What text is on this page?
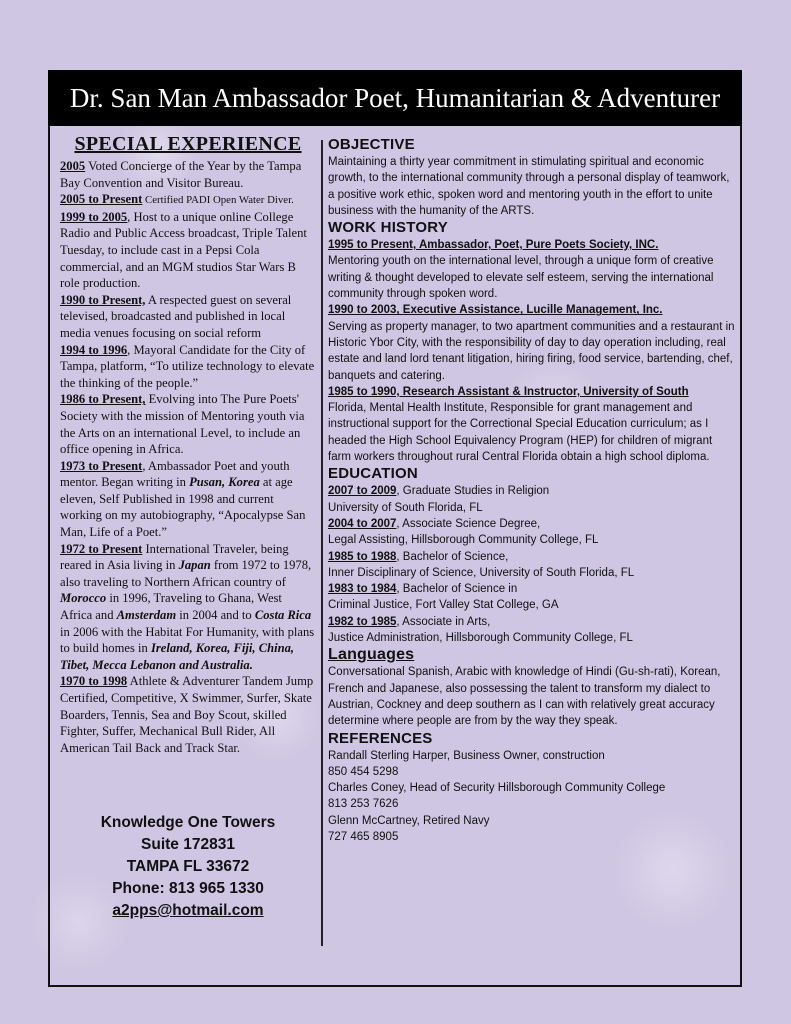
Dr. San Man Ambassador Poet, Humanitarian & Adventurer
SPECIAL EXPERIENCE

2005 Voted Concierge of the Year by the Tampa Bay Convention and Visitor Bureau.

2005 to Present Certified PADI Open Water Diver.

1999 to 2005, Host to a unique online College Radio and Public Access broadcast, Triple Talent Tuesday, to include cast in a Pepsi Cola commercial, and an MGM studios Star Wars B role production.

1990 to Present, A respected guest on several televised, broadcasted and published in local media venues focusing on social reform

1994 to 1996, Mayoral Candidate for the City of Tampa, platform, “To utilize technology to elevate the thinking of the people.”

1986 to Present, Evolving into The Pure Poets' Society with the mission of Mentoring youth via the Arts on an international Level, to include an office opening in Africa.

1973 to Present, Ambassador Poet and youth mentor. Began writing in Pusan, Korea at age eleven, Self Published in 1998 and current working on my autobiography, “Apocalypse San Man, Life of a Poet.”

1972 to Present International Traveler, being reared in Asia living in Japan from 1972 to 1978, also traveling to Northern African country of Morocco in 1996, Traveling to Ghana, West Africa and Amsterdam in 2004 and to Costa Rica in 2006 with the Habitat For Humanity, with plans to build homes in Ireland, Korea, Fiji, China, Tibet, Mecca Lebanon and Australia.

1970 to 1998 Athlete & Adventurer Tandem Jump Certified, Competitive, X Swimmer, Surfer, Skate Boarders, Tennis, Sea and Boy Scout, skilled Fighter, Suffer, Mechanical Bull Rider, All American Tail Back and Track Star.

Knowledge One Towers
Suite 172831
TAMPA FL 33672
Phone: 813 965 1330
a2pps@hotmail.com
OBJECTIVE

Maintaining a thirty year commitment in stimulating spiritual and economic growth, to the international community through a personal display of teamwork, a positive work ethic, spoken word and mentoring youth in the effort to unite business with the humanity of the ARTS.

WORK HISTORY
1995 to Present, Ambassador, Poet, Pure Poets Society, INC.

Mentoring youth on the international level, through a unique form of creative writing & thought developed to elevate self esteem, serving the international community through spoken word.

1990 to 2003, Executive Assistance, Lucille Management, Inc.

Serving as property manager, to two apartment communities and a restaurant in Historic Ybor City, with the responsibility of day to day operation including, real estate and land lord tenant litigation, hiring firing, food service, bartending, chef, banquets and catering.

1985 to 1990, Research Assistant & Instructor, University of South

Florida, Mental Health Institute, Responsible for grant management and instructional support for the Correctional Special Education curriculum; as I headed the High School Equivalency Program (HEP) for children of migrant farm workers throughout rural Central Florida obtain a high school diploma.

EDUCATION
2007 to 2009, Graduate Studies in Religion
University of South Florida, FL
2004 to 2007, Associate Science Degree,
Legal Assisting, Hillsborough Community College, FL
1985 to 1988, Bachelor of Science,
Inner Disciplinary of Science, University of South Florida, FL
1983 to 1984, Bachelor of Science in
Criminal Justice, Fort Valley Stat College, GA
1982 to 1985, Associate in Arts,
Justice Administration, Hillsborough Community College, FL
Languages

Conversational Spanish, Arabic with knowledge of Hindi (Gu-sh-rati), Korean, French and Japanese, also possessing the talent to transform my dialect to Austrian, Cockney and deep southern as I can with relatively great accuracy determine where people are from by the way they speak.

REFERENCES
Randall Sterling Harper, Business Owner, construction
850 454 5298
Charles Coney, Head of Security Hillsborough Community College
813 253 7626
Glenn McCartney, Retired Navy
727 465 8905
